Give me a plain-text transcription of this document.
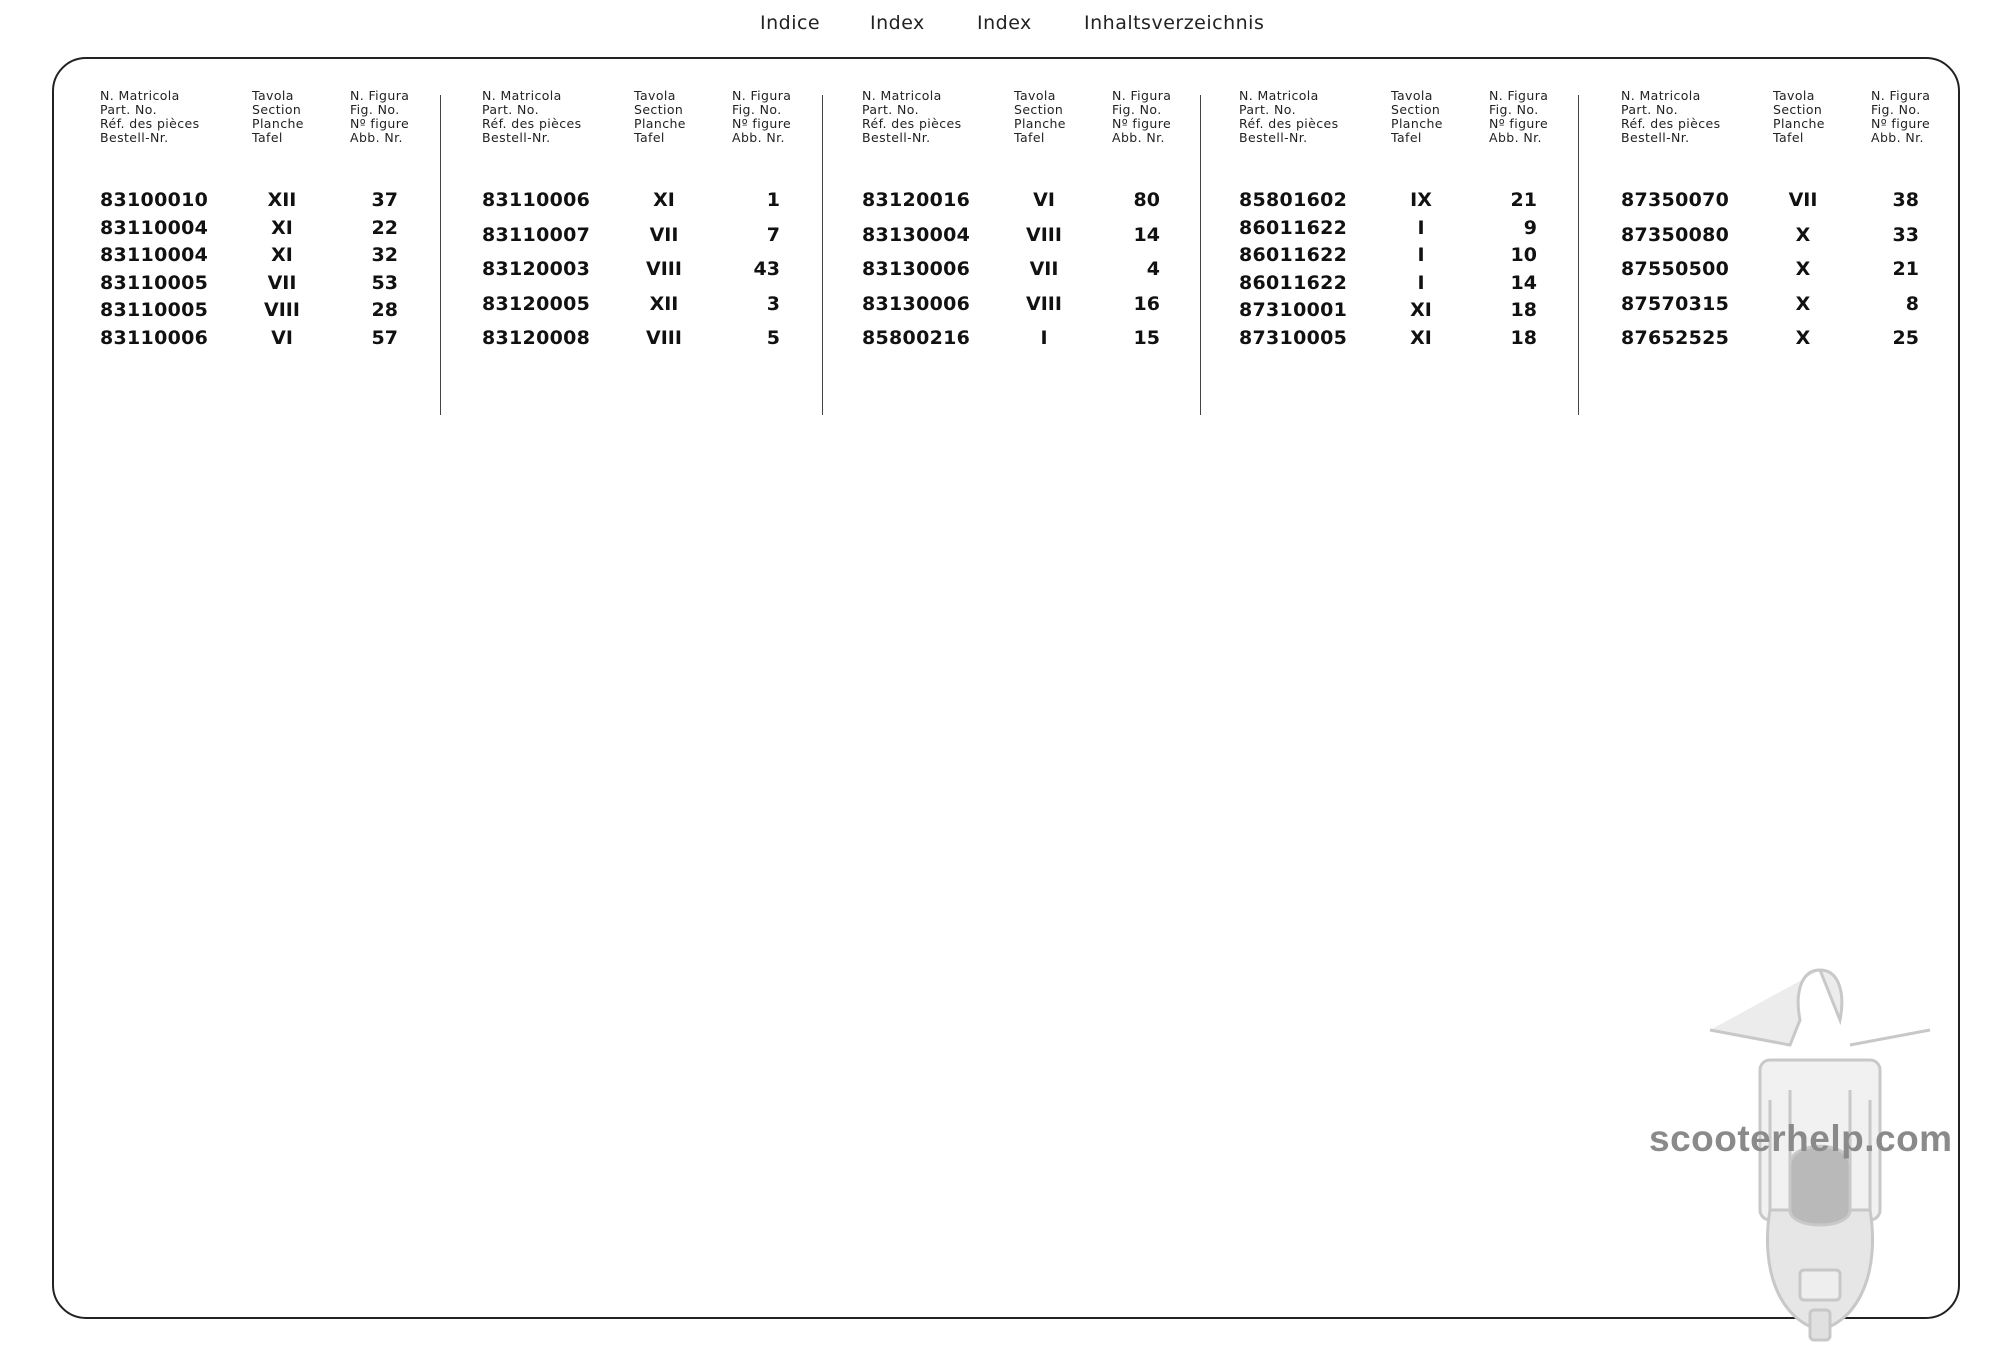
Indice	Index	Index	Inhaltsverzeichnis
N. Matricola
Part. No.
Réf. des pièces
Bestell-Nr.
Tavola
Section
Planche
Tafel
N. Figura
Fig. No.
Nº figure
Abb. Nr.
83100010	XII	37
83110004	XI	22
83110004	XI	32
83110005	VII	53
83110005	VIII	28
83110006	VI	57
N. Matricola
Part. No.
Réf. des pièces
Bestell-Nr.
Tavola
Section
Planche
Tafel
N. Figura
Fig. No.
Nº figure
Abb. Nr.
83110006	XI	1
83110007	VII	7
83120003	VIII	43
83120005	XII	3
83120008	VIII	5
N. Matricola
Part. No.
Réf. des pièces
Bestell-Nr.
Tavola
Section
Planche
Tafel
N. Figura
Fig. No.
Nº figure
Abb. Nr.
83120016	VI	80
83130004	VIII	14
83130006	VII	4
83130006	VIII	16
85800216	I	15
N. Matricola
Part. No.
Réf. des pièces
Bestell-Nr.
Tavola
Section
Planche
Tafel
N. Figura
Fig. No.
Nº figure
Abb. Nr.
85801602	IX	21
86011622	I	9
86011622	I	10
86011622	I	14
87310001	XI	18
87310005	XI	18
N. Matricola
Part. No.
Réf. des pièces
Bestell-Nr.
Tavola
Section
Planche
Tafel
N. Figura
Fig. No.
Nº figure
Abb. Nr.
87350070	VII	38
87350080	X	33
87550500	X	21
87570315	X	8
87652525	X	25
scooterhelp.com
